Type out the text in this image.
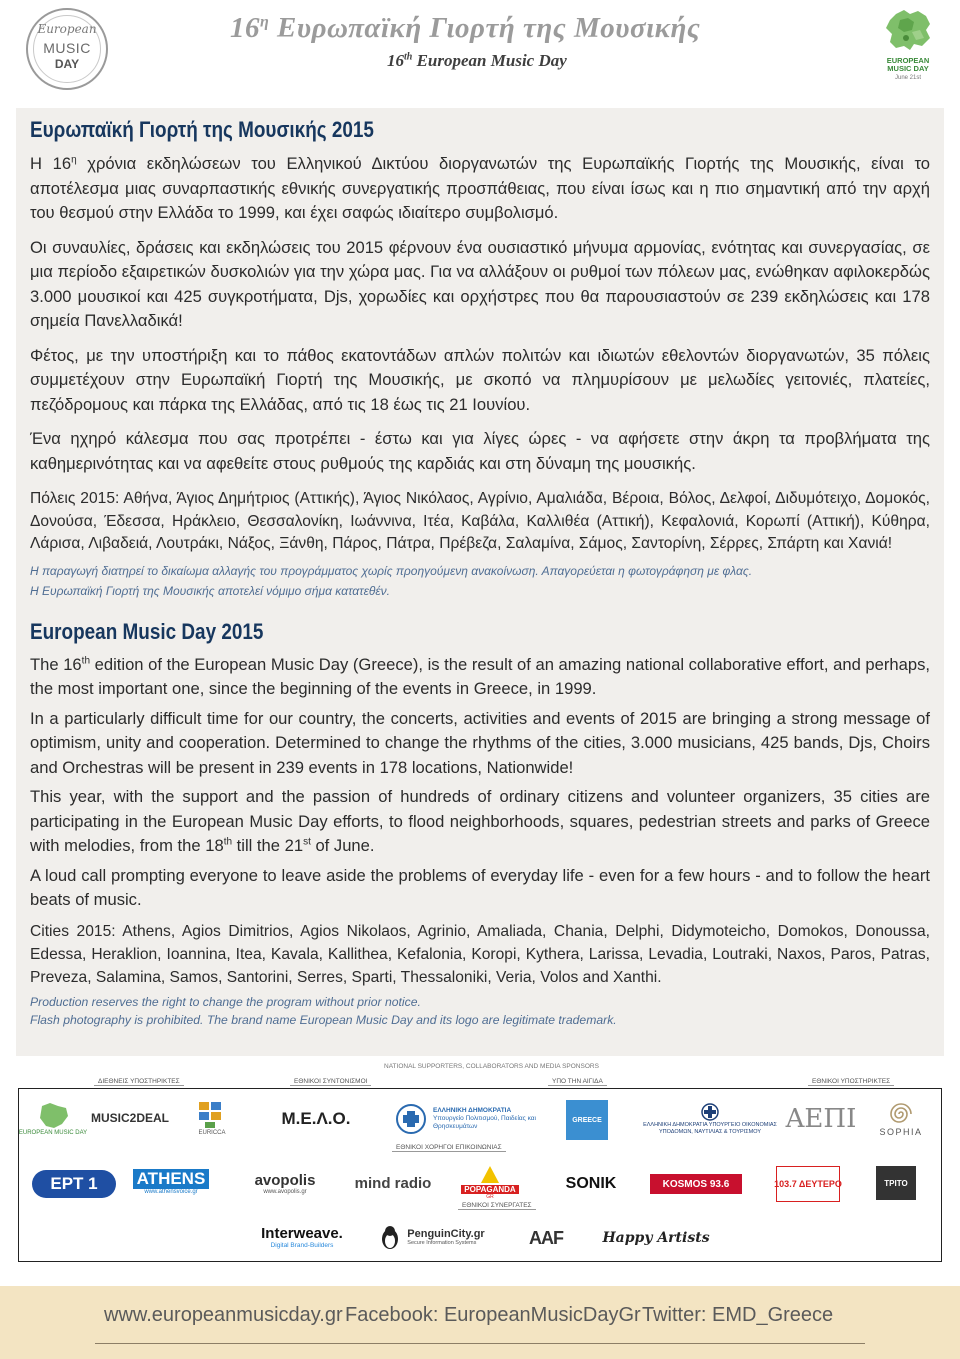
European
MUSIC
DAY
$16^\eta$ Ευρωπαϊκή Γιορτή της Μουσικής
16th European Music Day	EUROPEAN
MUSIC DAY
June 21st
Ευρωπαϊκή Γιορτή της Μουσικής 2015

Η $16^\eta$ χρόνια εκδηλώσεων του Ελληνικού Δικτύου διοργανωτών της Ευρωπαϊκής Γιορτής της Μουσικής, είναι το αποτέλεσμα μιας συναρπαστικής εθνικής συνεργατικής προσπάθειας, που είναι ίσως και η πιο σημαντική από την αρχή του θεσμού στην Ελλάδα το 1999, και έχει σαφώς ιδιαίτερο συμβολισμό.

Οι συναυλίες, δράσεις και εκδηλώσεις του 2015 φέρνουν ένα ουσιαστικό μήνυμα αρμονίας, ενότητας και συνεργασίας, σε μια περίοδο εξαιρετικών δυσκολιών για την χώρα μας. Για να αλλάξουν οι ρυθμοί των πόλεων μας, ενώθηκαν αφιλοκερδώς 3.000 μουσικοί και 425 συγκροτήματα, Djs, χορωδίες και ορχήστρες που θα παρουσιαστούν σε 239 εκδηλώσεις και 178 σημεία Πανελλαδικά!

Φέτος, με την υποστήριξη και το πάθος εκατοντάδων απλών πολιτών και ιδιωτών εθελοντών διοργανωτών, 35 πόλεις συμμετέχουν στην Ευρωπαϊκή Γιορτή της Μουσικής, με σκοπό να πλημυρίσουν με μελωδίες γειτονιές, πλατείες, πεζόδρομους και πάρκα της Ελλάδας, από τις 18 έως τις 21 Ιουνίου.

Ένα ηχηρό κάλεσμα που σας προτρέπει - έστω και για λίγες ώρες - να αφήσετε στην άκρη τα προβλήματα της καθημερινότητας και να αφεθείτε στους ρυθμούς της καρδιάς και στη δύναμη της μουσικής.

Πόλεις 2015: Αθήνα, Άγιος Δημήτριος (Αττικής), Άγιος Νικόλαος, Αγρίνιο, Αμαλιάδα, Βέροια, Βόλος, Δελφοί, Διδυμότειχο, Δομοκός, Δονούσα, Έδεσσα, Ηράκλειο, Θεσσαλονίκη, Ιωάννινα, Ιτέα, Καβάλα, Καλλιθέα (Αττική), Κεφαλονιά, Κορωπί (Αττική), Κύθηρα, Λάρισα, Λιβαδειά, Λουτράκι, Νάξος, Ξάνθη, Πάρος, Πάτρα, Πρέβεζα, Σαλαμίνα, Σάμος, Σαντορίνη, Σέρρες, Σπάρτη και Χανιά!

Η παραγωγή διατηρεί το δικαίωμα αλλαγής του προγράμματος χωρίς προηγούμενη ανακοίνωση. Απαγορεύεται η φωτογράφηση με φλας.

Η Ευρωπαϊκή Γιορτή της Μουσικής αποτελεί νόμιμο σήμα κατατεθέν.

European Music Day 2015

The 16th edition of the European Music Day (Greece), is the result of an amazing national collaborative effort, and perhaps, the most important one, since the beginning of the events in Greece, in 1999.

In a particularly difficult time for our country, the concerts, activities and events of 2015 are bringing a strong message of optimism, unity and cooperation. Determined to change the rhythms of the cities, 3.000 musicians, 425 bands, Djs, Choirs and Orchestras will be present in 239 events in 178 locations, Nationwide!

This year, with the support and the passion of hundreds of ordinary citizens and volunteer organizers, 35 cities are participating in the European Music Day efforts, to flood neighborhoods, squares, pedestrian streets and parks of Greece with melodies, from the 18th till the 21st of June.

A loud call prompting everyone to leave aside the problems of everyday life - even for a few hours - and to follow the heart beats of music.

Cities 2015: Athens, Agios Dimitrios, Agios Nikolaos, Agrinio, Amaliada, Chania, Delphi, Didymoteicho, Domokos, Donoussa, Edessa, Heraklion, Ioannina, Itea, Kavala, Kallithea, Kefalonia, Koropi, Kythera, Larissa, Levadia, Loutraki, Naxos, Paros, Patras, Preveza, Salamina, Samos, Santorini, Serres, Sparti, Thessaloniki, Veria, Volos and Xanthi.

Production reserves the right to change the program without prior notice.

Flash photography is prohibited. The brand name European Music Day and its logo are legitimate trademark.

NATIONAL SUPPORTERS, COLLABORATORS AND MEDIA SPONSORS
ΔΙΕΘΝΕΙΣ ΥΠΟΣΤΗΡΙΚΤΕΣ	ΕΘΝΙΚΟΙ ΣΥΝΤΟΝΙΣΜΟΙ	ΥΠΟ ΤΗΝ ΑΙΓΙΔΑ	ΕΘΝΙΚΟΙ ΥΠΟΣΤΗΡΙΚΤΕΣ
ΕΘΝΙΚΟΙ ΧΟΡΗΓΟΙ ΕΠΙΚΟΙΝΩΝΙΑΣ
ΕΘΝΙΚΟΙ ΣΥΝΕΡΓΑΤΕΣ
EUROPEAN MUSIC DAY
MUSIC2DEAL
EURICCA
M.E.Λ.Ο.	ΕΛΛΗΝΙΚΗ ΔΗΜΟΚΡΑΤΙΑ
Υπουργείο Πολιτισμού, Παιδείας και Θρησκευμάτων
GREECE
ΕΛΛΗΝΙΚΗ ΔΗΜΟΚΡΑΤΙΑ ΥΠΟΥΡΓΕΙΟ ΟΙΚΟΝΟΜΙΑΣ ΥΠΟΔΟΜΩΝ, ΝΑΥΤΙΛΙΑΣ & ΤΟΥΡΙΣΜΟΥ ΑΕΠΙ	SOPHIA
ΕΡΤ 1	ATHENS
www.athensvoice.gr
avopolis
www.avopolis.gr	mind radio	POPAGANDA
GR
SONIK	KOSMOS 93.6	103.7 ΔΕΥΤΕΡΟ	ΤΡΙΤΟ
Interweave.
Digital Brand-Builders
PenguinCity.gr
Secure Information Systems	AAF	Happy Artists
www.europeanmusicday.gr Facebook: EuropeanMusicDayGr Twitter: EMD_Greece
